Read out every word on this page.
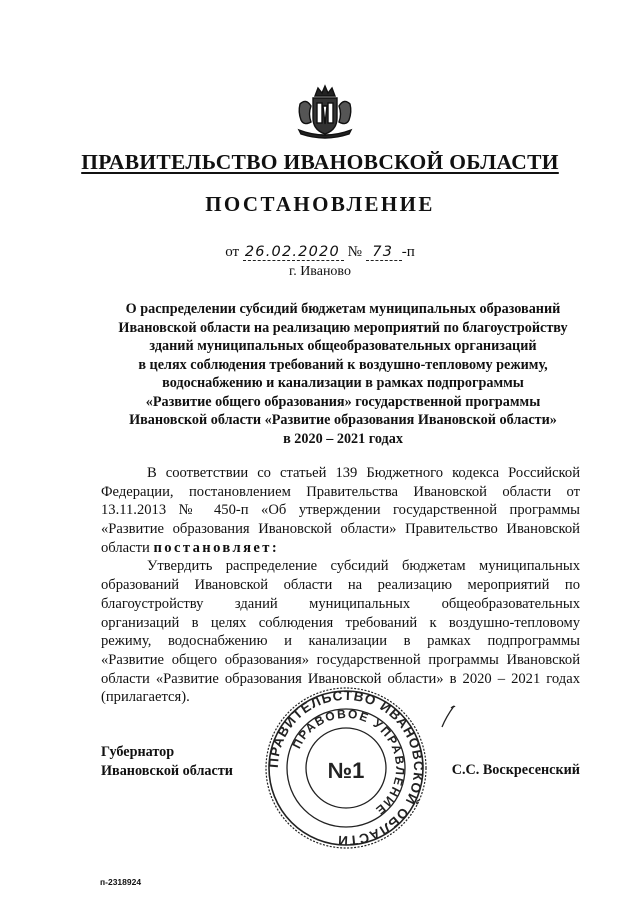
ПРАВИТЕЛЬСТВО ИВАНОВСКОЙ ОБЛАСТИ
ПОСТАНОВЛЕНИЕ
от 26.02.2020 № 73 -п
г. Иваново
О распределении субсидий бюджетам муниципальных образований
Ивановской области на реализацию мероприятий по благоустройству
зданий муниципальных общеобразовательных организаций
в целях соблюдения требований к воздушно-тепловому режиму,
водоснабжению и канализации в рамках подпрограммы
«Развитие общего образования» государственной программы
Ивановской области «Развитие образования Ивановской области»
в 2020 – 2021 годах
В соответствии со статьей 139 Бюджетного кодекса Российской
Федерации, постановлением Правительства Ивановской области от
13.11.2013 № 450-п «Об утверждении государственной программы
«Развитие образования Ивановской области» Правительство Ивановской
области постановляет:
Утвердить распределение субсидий бюджетам муниципальных
образований Ивановской области на реализацию мероприятий по
благоустройству зданий муниципальных общеобразовательных
организаций в целях соблюдения требований к воздушно-тепловому
режиму, водоснабжению и канализации в рамках подпрограммы
«Развитие общего образования» государственной программы Ивановской
области «Развитие образования Ивановской области» в 2020 – 2021 годах
(прилагается).
Губернатор
Ивановской области	С.С. Воскресенский
ПРАВИТЕЛЬСТВО ИВАНОВСКОЙ ОБЛАСТИ
ПРАВОВОЕ УПРАВЛЕНИЕ
№1
п-2318924
